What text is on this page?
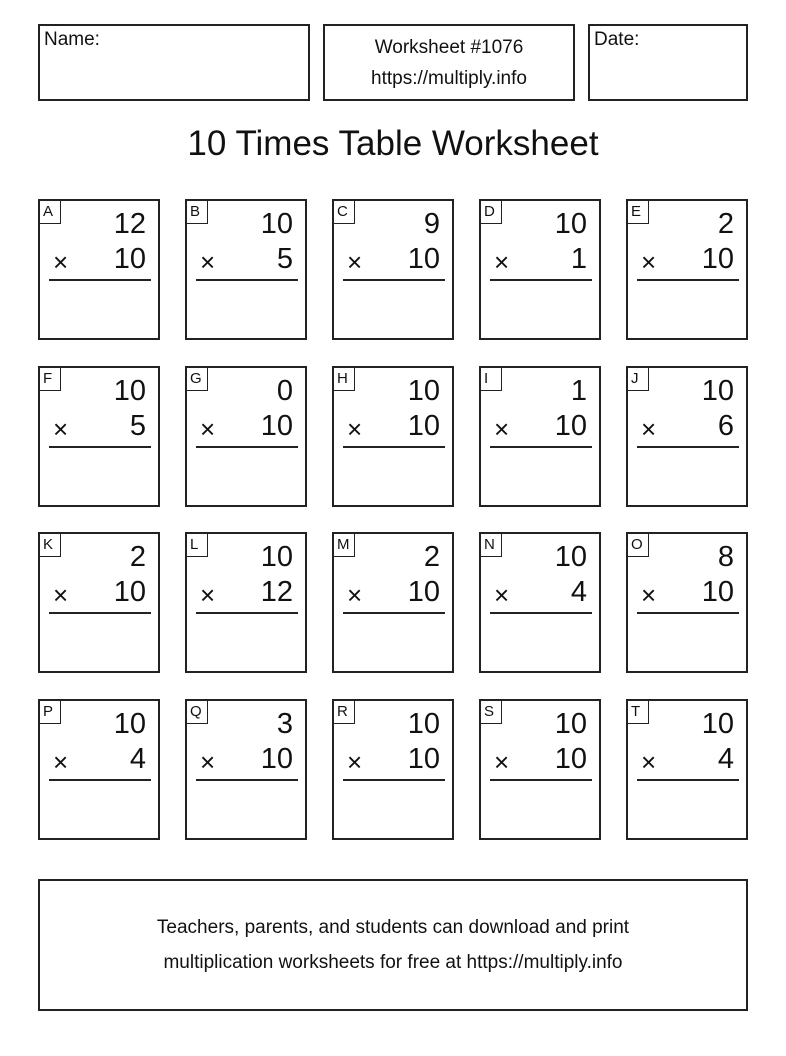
Name:	Worksheet #1076
https://multiply.info
Date:
10 Times Table Worksheet
A 12
× 10
B 10
× 5
C	9
× 10
D 10
× 1
E	2
× 10
F	10
× 5
G	0
× 10
H 10
× 10
I	1
× 10
J	10
× 6
K	2
× 10
L	10
× 12
M	2
× 10
N 10
× 4
O	8
× 10
P 10
× 4
Q	3
× 10
R 10
× 10
S 10
× 10
T	10
× 4
Teachers, parents, and students can download and print
multiplication worksheets for free at https://multiply.info
